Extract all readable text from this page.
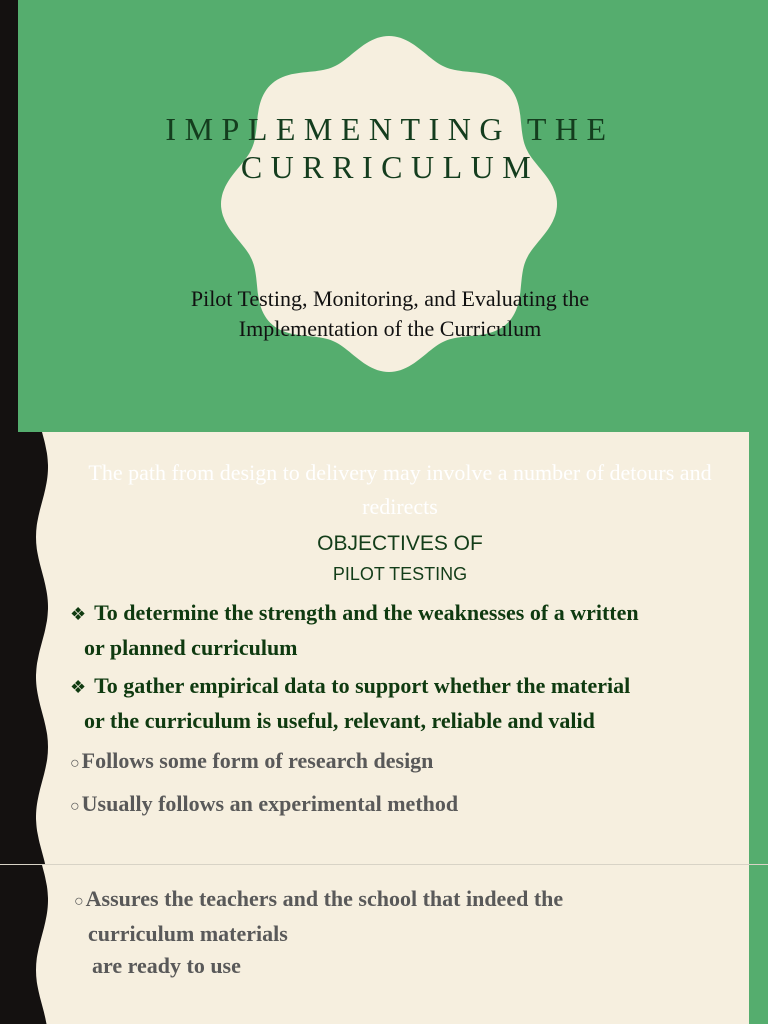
IMPLEMENTING THE CURRICULUM

Pilot Testing, Monitoring, and Evaluating the
Implementation of the Curriculum

The path from design to delivery may involve a number of detours and redirects

OBJECTIVES OF

PILOT TESTING

❖ To determine the strength and the weaknesses of a written
or planned curriculum
❖ To gather empirical data to support whether the material
or the curriculum is useful, relevant, reliable and valid
○Follows some form of research design
○Usually follows an experimental method

○Assures the teachers and the school that indeed the
curriculum materials
are ready to use
